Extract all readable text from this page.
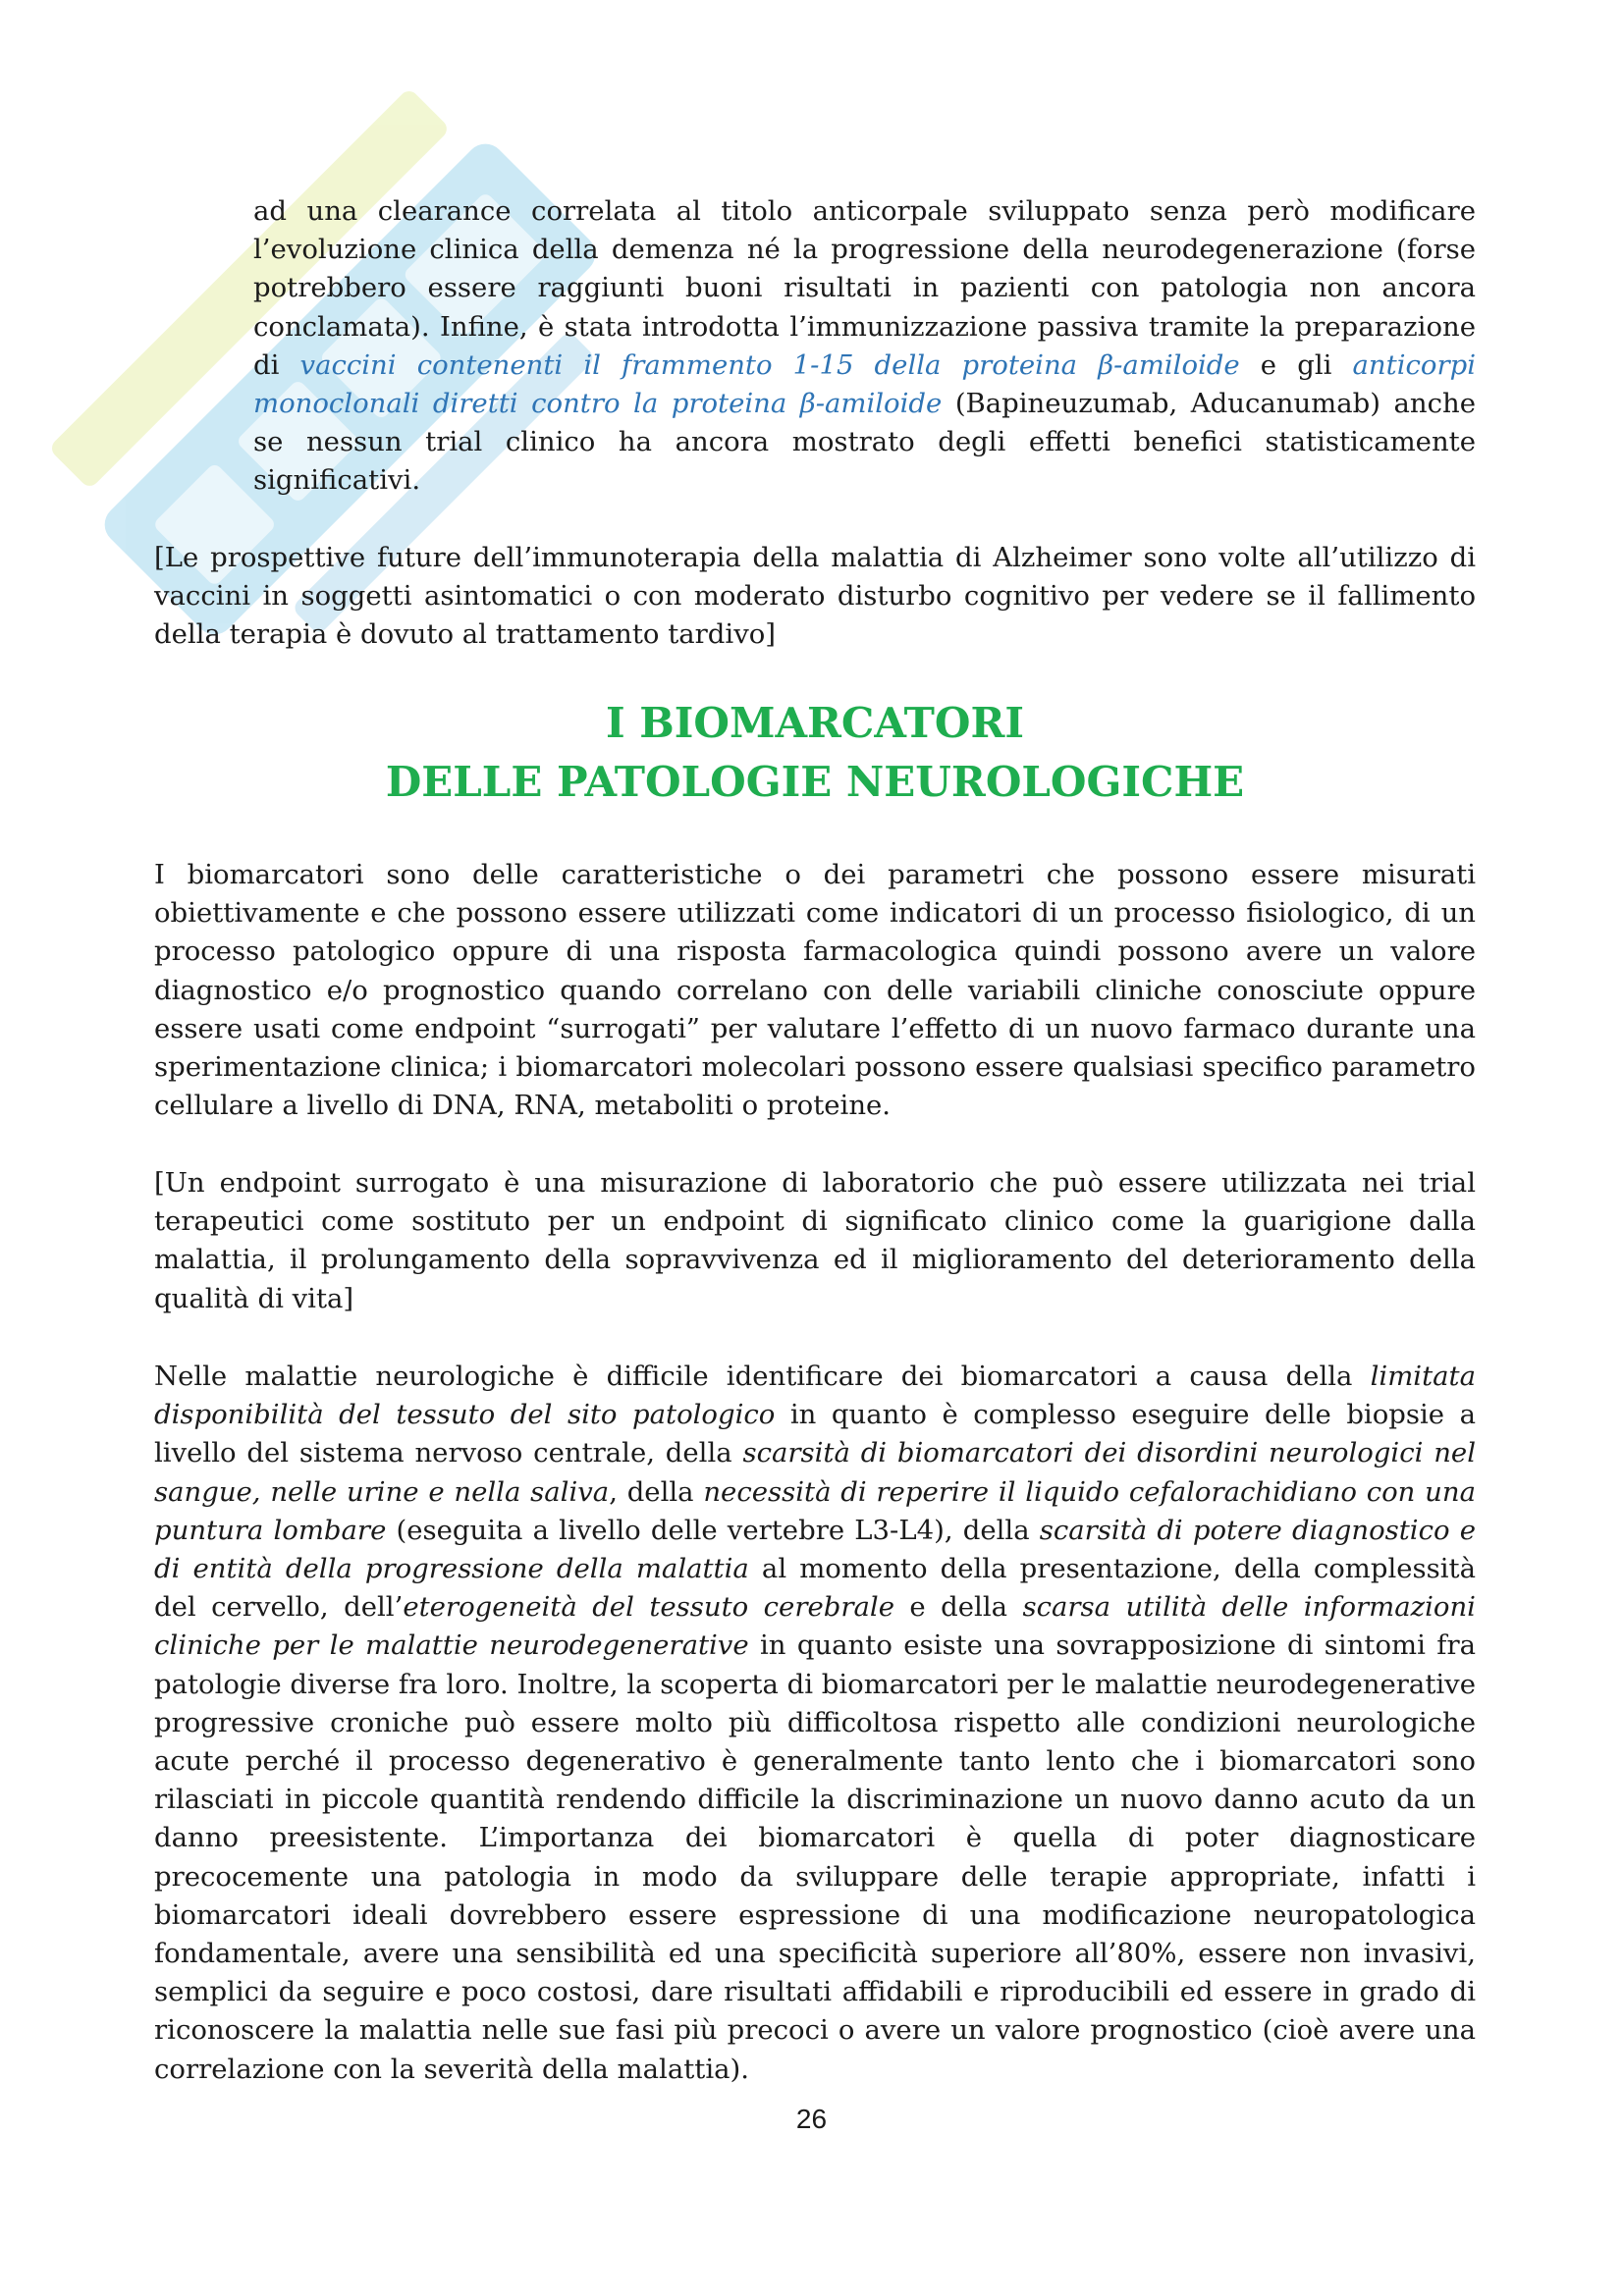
ad una clearance correlata al titolo anticorpale sviluppato senza però modificare l’evoluzione clinica della demenza né la progressione della neurodegenerazione (forse potrebbero essere raggiunti buoni risultati in pazienti con patologia non ancora conclamata). Infine, è stata introdotta l’immunizzazione passiva tramite la preparazione di vaccini contenenti il frammento 1-15 della proteina β-amiloide e gli anticorpi monoclonali diretti contro la proteina β-amiloide (Bapineuzumab, Aducanumab) anche se nessun trial clinico ha ancora mostrato degli effetti benefici statisticamente significativi.

[Le prospettive future dell’immunoterapia della malattia di Alzheimer sono volte all’utilizzo di vaccini in soggetti asintomatici o con moderato disturbo cognitivo per vedere se il fallimento della terapia è dovuto al trattamento tardivo]

I BIOMARCATORI
DELLE PATOLOGIE NEUROLOGICHE

I biomarcatori sono delle caratteristiche o dei parametri che possono essere misurati obiettivamente e che possono essere utilizzati come indicatori di un processo fisiologico, di un processo patologico oppure di una risposta farmacologica quindi possono avere un valore diagnostico e/o prognostico quando correlano con delle variabili cliniche conosciute oppure essere usati come endpoint “surrogati” per valutare l’effetto di un nuovo farmaco durante una sperimentazione clinica; i biomarcatori molecolari possono essere qualsiasi specifico parametro cellulare a livello di DNA, RNA, metaboliti o proteine.

[Un endpoint surrogato è una misurazione di laboratorio che può essere utilizzata nei trial terapeutici come sostituto per un endpoint di significato clinico come la guarigione dalla malattia, il prolungamento della sopravvivenza ed il miglioramento del deterioramento della qualità di vita]

Nelle malattie neurologiche è difficile identificare dei biomarcatori a causa della limitata disponibilità del tessuto del sito patologico in quanto è complesso eseguire delle biopsie a livello del sistema nervoso centrale, della scarsità di biomarcatori dei disordini neurologici nel sangue, nelle urine e nella saliva, della necessità di reperire il liquido cefalorachidiano con una puntura lombare (eseguita a livello delle vertebre L3-L4), della scarsità di potere diagnostico e di entità della progressione della malattia al momento della presentazione, della complessità del cervello, dell’eterogeneità del tessuto cerebrale e della scarsa utilità delle informazioni cliniche per le malattie neurodegenerative in quanto esiste una sovrapposizione di sintomi fra patologie diverse fra loro. Inoltre, la scoperta di biomarcatori per le malattie neurodegenerative progressive croniche può essere molto più difficoltosa rispetto alle condizioni neurologiche acute perché il processo degenerativo è generalmente tanto lento che i biomarcatori sono rilasciati in piccole quantità rendendo difficile la discriminazione un nuovo danno acuto da un danno preesistente. L’importanza dei biomarcatori è quella di poter diagnosticare precocemente una patologia in modo da sviluppare delle terapie appropriate, infatti i biomarcatori ideali dovrebbero essere espressione di una modificazione neuropatologica fondamentale, avere una sensibilità ed una specificità superiore all’80%, essere non invasivi, semplici da seguire e poco costosi, dare risultati affidabili e riproducibili ed essere in grado di riconoscere la malattia nelle sue fasi più precoci o avere un valore prognostico (cioè avere una correlazione con la severità della malattia).

26
